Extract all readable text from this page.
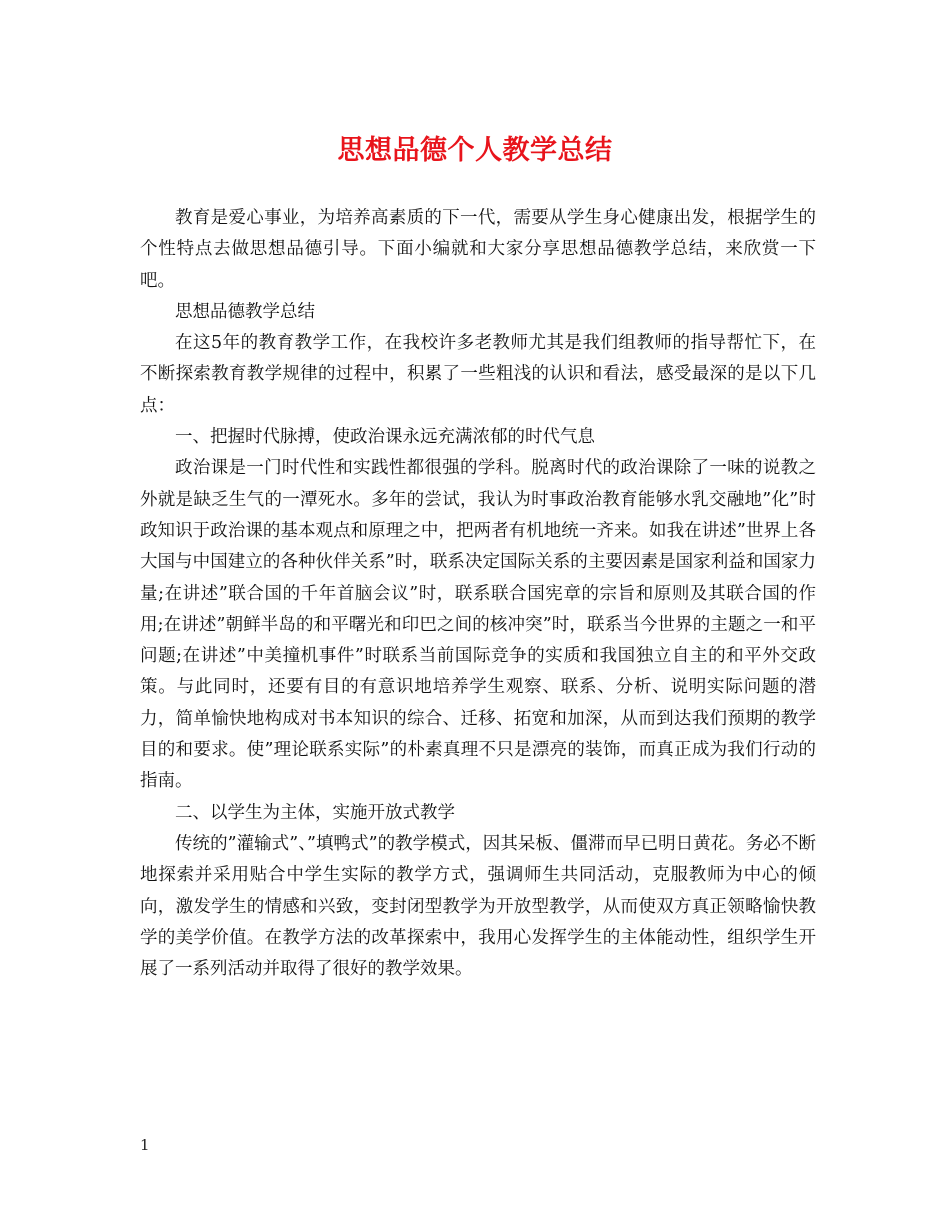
思想品德个人教学总结

教育是爱心事业，为培养高素质的下一代，需要从学生身心健康出发，根据学生的个性特点去做思想品德引导。下面小编就和大家分享思想品德教学总结，来欣赏一下吧。

思想品德教学总结

在这5年的教育教学工作，在我校许多老教师尤其是我们组教师的指导帮忙下，在不断探索教育教学规律的过程中，积累了一些粗浅的认识和看法，感受最深的是以下几点：

一、把握时代脉搏，使政治课永远充满浓郁的时代气息

政治课是一门时代性和实践性都很强的学科。脱离时代的政治课除了一味的说教之外就是缺乏生气的一潭死水。多年的尝试，我认为时事政治教育能够水乳交融地”化”时政知识于政治课的基本观点和原理之中，把两者有机地统一齐来。如我在讲述”世界上各大国与中国建立的各种伙伴关系”时，联系决定国际关系的主要因素是国家利益和国家力量;在讲述”联合国的千年首脑会议”时，联系联合国宪章的宗旨和原则及其联合国的作用;在讲述”朝鲜半岛的和平曙光和印巴之间的核冲突”时，联系当今世界的主题之一和平问题;在讲述”中美撞机事件”时联系当前国际竞争的实质和我国独立自主的和平外交政策。与此同时，还要有目的有意识地培养学生观察、联系、分析、说明实际问题的潜力，简单愉快地构成对书本知识的综合、迁移、拓宽和加深，从而到达我们预期的教学目的和要求。使”理论联系实际”的朴素真理不只是漂亮的装饰，而真正成为我们行动的指南。

二、以学生为主体，实施开放式教学

传统的”灌输式”、”填鸭式”的教学模式，因其呆板、僵滞而早已明日黄花。务必不断地探索并采用贴合中学生实际的教学方式，强调师生共同活动，克服教师为中心的倾向，激发学生的情感和兴致，变封闭型教学为开放型教学，从而使双方真正领略愉快教学的美学价值。在教学方法的改革探索中，我用心发挥学生的主体能动性，组织学生开展了一系列活动并取得了很好的教学效果。

1
